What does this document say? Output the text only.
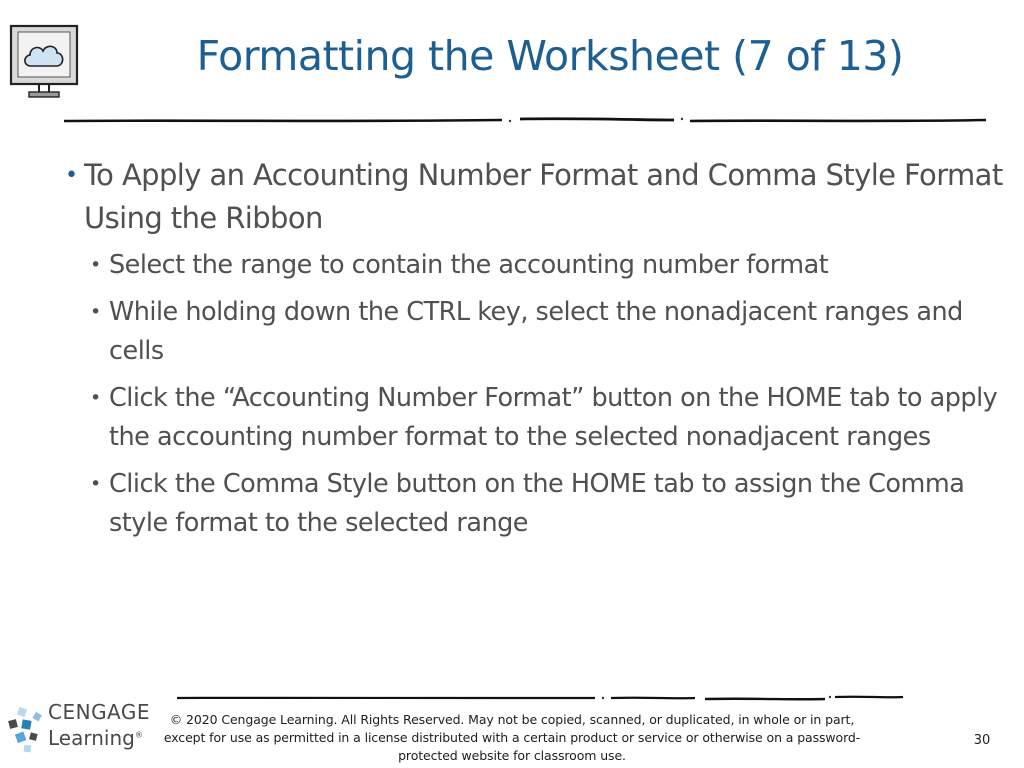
Formatting the Worksheet (7 of 13)
• To Apply an Accounting Number Format and Comma Style Format Using the Ribbon
• Select the range to contain the accounting number format
• While holding down the CTRL key, select the nonadjacent ranges and cells
• Click the “Accounting Number Format” button on the HOME tab to apply the accounting number format to the selected nonadjacent ranges
• Click the Comma Style button on the HOME tab to assign the Comma style format to the selected range
CENGAGE
Learning®
© 2020 Cengage Learning. All Rights Reserved. May not be copied, scanned, or duplicated, in whole or in part, except for use as permitted in a license distributed with a certain product or service or otherwise on a password-protected website for classroom use.
30
